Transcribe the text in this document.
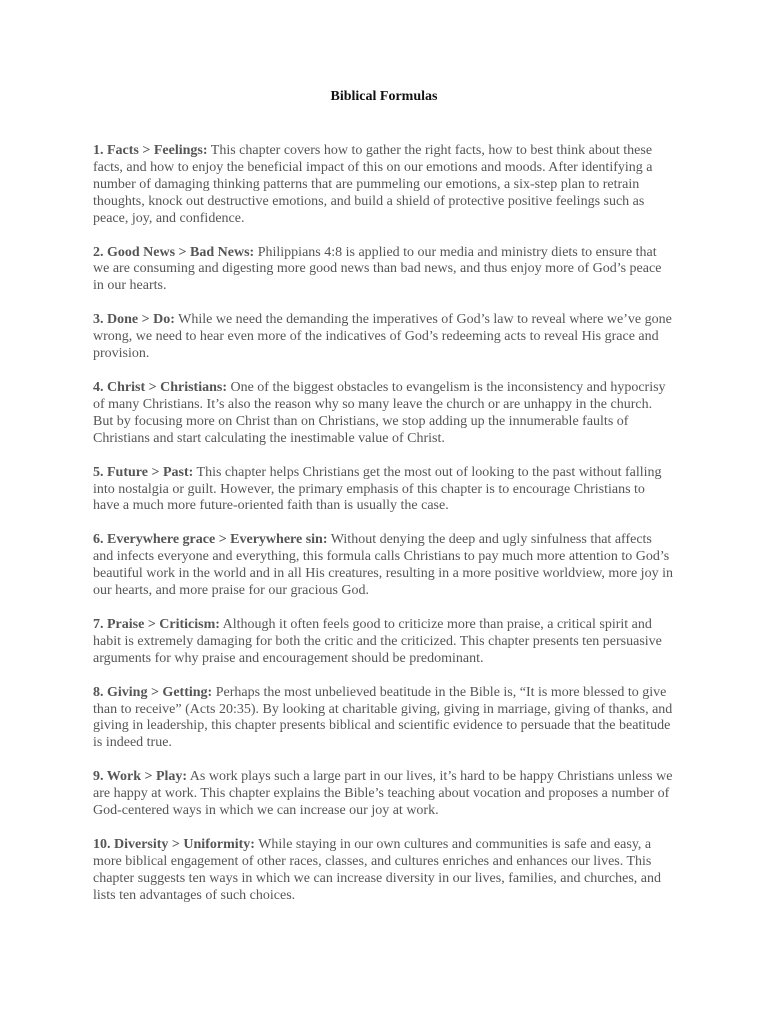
Biblical Formulas

1. Facts > Feelings: This chapter covers how to gather the right facts, how to best think about these facts, and how to enjoy the beneficial impact of this on our emotions and moods. After identifying a number of damaging thinking patterns that are pummeling our emotions, a six-step plan to retrain thoughts, knock out destructive emotions, and build a shield of protective positive feelings such as peace, joy, and confidence.

2. Good News > Bad News: Philippians 4:8 is applied to our media and ministry diets to ensure that we are consuming and digesting more good news than bad news, and thus enjoy more of God’s peace in our hearts.

3. Done > Do: While we need the demanding the imperatives of God’s law to reveal where we’ve gone wrong, we need to hear even more of the indicatives of God’s redeeming acts to reveal His grace and provision.

4. Christ > Christians: One of the biggest obstacles to evangelism is the inconsistency and hypocrisy of many Christians. It’s also the reason why so many leave the church or are unhappy in the church. But by focusing more on Christ than on Christians, we stop adding up the innumerable faults of Christians and start calculating the inestimable value of Christ.

5. Future > Past: This chapter helps Christians get the most out of looking to the past without falling into nostalgia or guilt. However, the primary emphasis of this chapter is to encourage Christians to have a much more future-oriented faith than is usually the case.

6. Everywhere grace > Everywhere sin: Without denying the deep and ugly sinfulness that affects and infects everyone and everything, this formula calls Christians to pay much more attention to God’s beautiful work in the world and in all His creatures, resulting in a more positive worldview, more joy in our hearts, and more praise for our gracious God.

7. Praise > Criticism: Although it often feels good to criticize more than praise, a critical spirit and habit is extremely damaging for both the critic and the criticized. This chapter presents ten persuasive arguments for why praise and encouragement should be predominant.

8. Giving > Getting: Perhaps the most unbelieved beatitude in the Bible is, “It is more blessed to give than to receive” (Acts 20:35). By looking at charitable giving, giving in marriage, giving of thanks, and giving in leadership, this chapter presents biblical and scientific evidence to persuade that the beatitude is indeed true.

9. Work > Play: As work plays such a large part in our lives, it’s hard to be happy Christians unless we are happy at work. This chapter explains the Bible’s teaching about vocation and proposes a number of God-centered ways in which we can increase our joy at work.

10. Diversity > Uniformity: While staying in our own cultures and communities is safe and easy, a more biblical engagement of other races, classes, and cultures enriches and enhances our lives. This chapter suggests ten ways in which we can increase diversity in our lives, families, and churches, and lists ten advantages of such choices.
